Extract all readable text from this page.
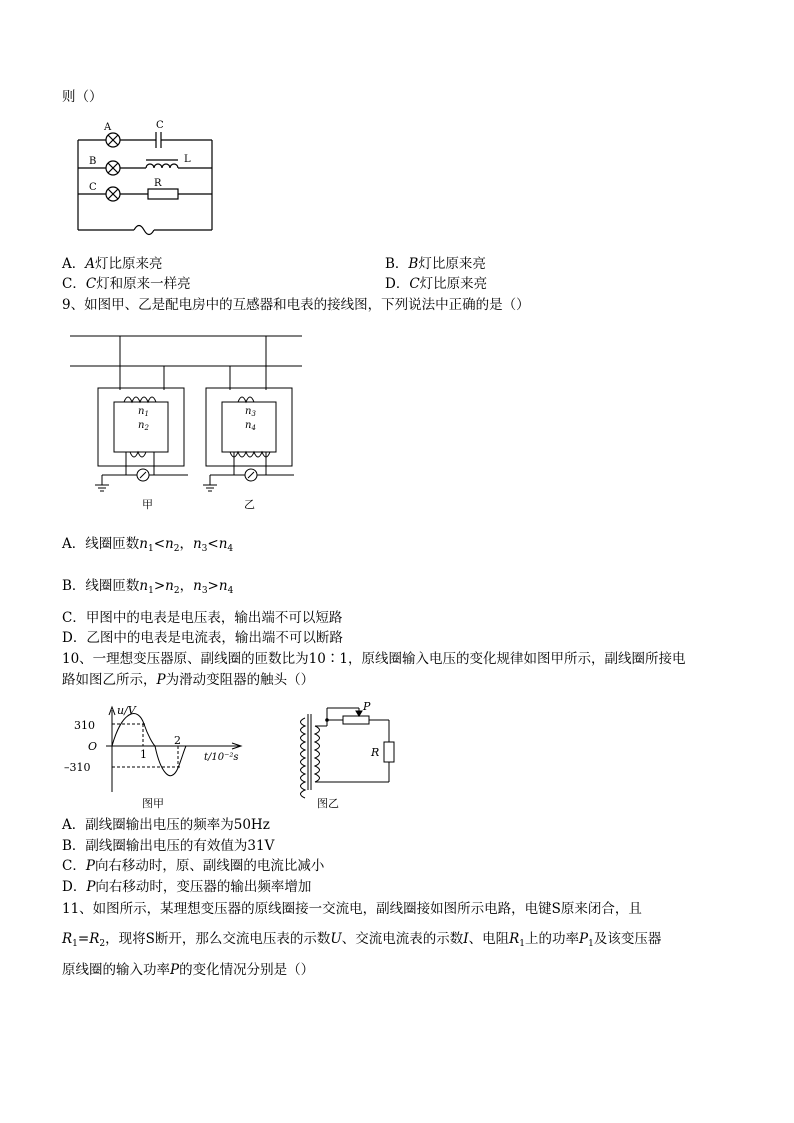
则（）
A	C
B	L
C	R
A．A灯比原来亮	B．B灯比原来亮
C．C灯和原来一样亮	D．C灯比原来亮
9、如图甲、乙是配电房中的互感器和电表的接线图，下列说法中正确的是（）
$n_1$
$n_2$
$n_3$
$n_4$
甲	乙
A．线圈匝数$n_1<n_2$，$n_3<n_4$
B．线圈匝数$n_1>n_2$，$n_3>n_4$
C．甲图中的电表是电压表，输出端不可以短路
D．乙图中的电表是电流表，输出端不可以断路
10、一理想变压器原、副线圈的匝数比为10∶1，原线圈输入电压的变化规律如图甲所示，副线圈所接电
路如图乙所示，P为滑动变阻器的触头（）
u/V
310
O
–310
1
2
t/10⁻²s
图甲
P
R
图乙
A．副线圈输出电压的频率为50Hz
B．副线圈输出电压的有效值为31V
C．P向右移动时，原、副线圈的电流比减小
D．P向右移动时，变压器的输出频率增加
11、如图所示，某理想变压器的原线圈接一交流电，副线圈接如图所示电路，电键S原来闭合，且
$R_1=R_2$，现将S断开，那么交流电压表的示数U、交流电流表的示数I、电阻$R_1$上的功率$P_1$及该变压器
原线圈的输入功率P的变化情况分别是（）
